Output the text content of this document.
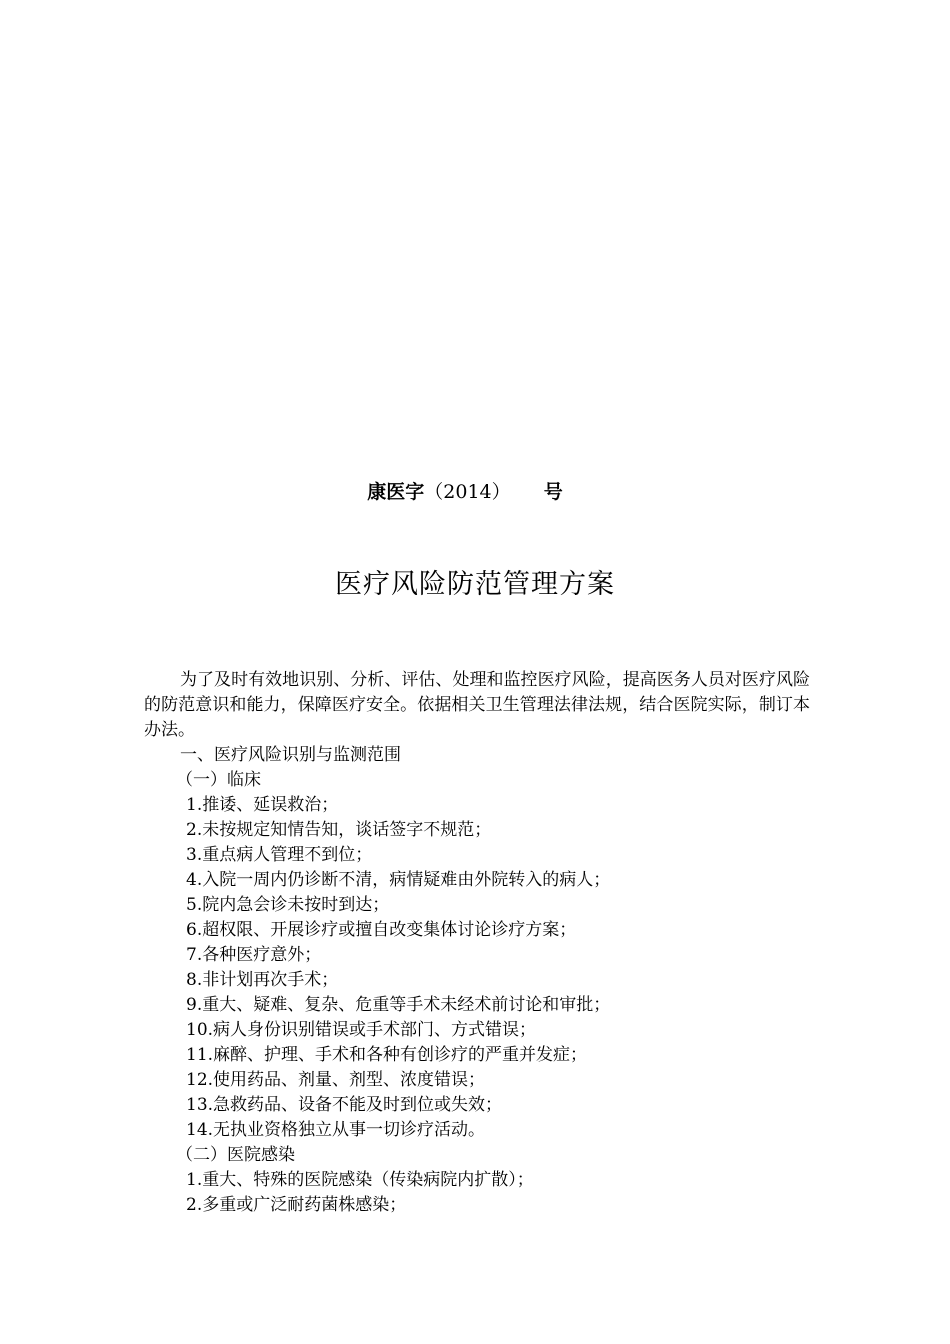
康医字（2014） 号
医疗风险防范管理方案

为了及时有效地识别、分析、评估、处理和监控医疗风险，提高医务人员对医疗风险的防范意识和能力，保障医疗安全。依据相关卫生管理法律法规，结合医院实际，制订本办法。

一、医疗风险识别与监测范围

（一）临床

1.推诿、延误救治；

2.未按规定知情告知，谈话签字不规范；

3.重点病人管理不到位；

4.入院一周内仍诊断不清，病情疑难由外院转入的病人；

5.院内急会诊未按时到达；

6.超权限、开展诊疗或擅自改变集体讨论诊疗方案；

7.各种医疗意外；

8.非计划再次手术；

9.重大、疑难、复杂、危重等手术未经术前讨论和审批；

10.病人身份识别错误或手术部门、方式错误；

11.麻醉、护理、手术和各种有创诊疗的严重并发症；

12.使用药品、剂量、剂型、浓度错误；

13.急救药品、设备不能及时到位或失效；

14.无执业资格独立从事一切诊疗活动。

（二）医院感染

1.重大、特殊的医院感染（传染病院内扩散）；

2.多重或广泛耐药菌株感染；
